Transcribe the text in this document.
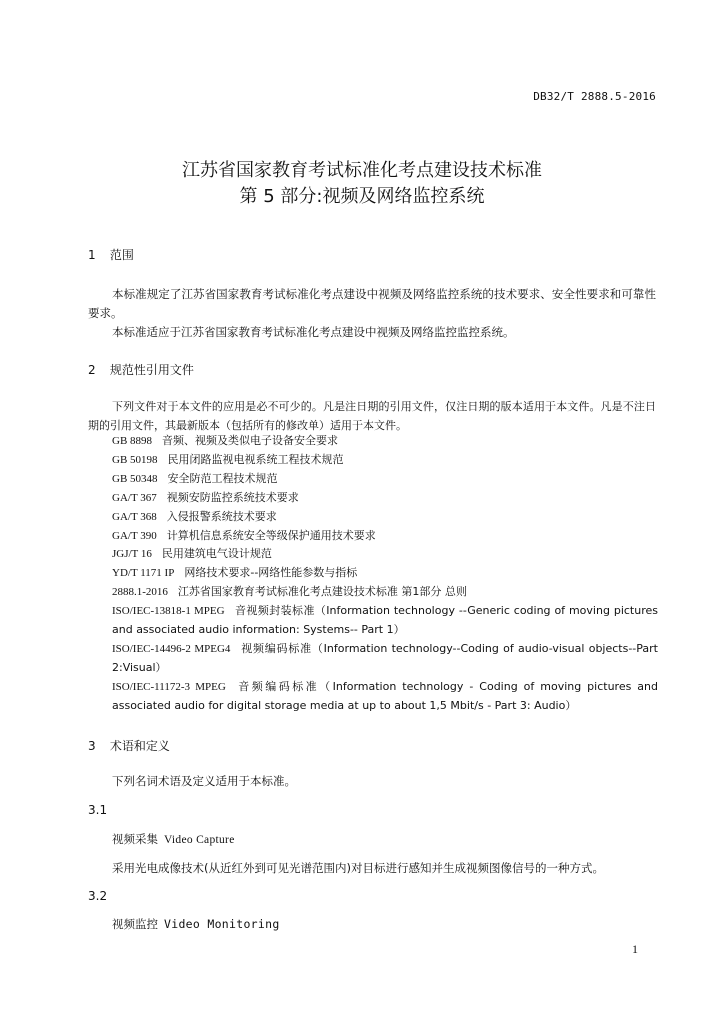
DB32/T 2888.5-2016
江苏省国家教育考试标准化考点建设技术标准
第 5 部分:视频及网络监控系统
1 范围
本标准规定了江苏省国家教育考试标准化考点建设中视频及网络监控系统的技术要求、安全性要求和可靠性要求。
本标准适应于江苏省国家教育考试标准化考点建设中视频及网络监控监控系统。
2 规范性引用文件
下列文件对于本文件的应用是必不可少的。凡是注日期的引用文件，仅注日期的版本适用于本文件。凡是不注日期的引用文件，其最新版本（包括所有的修改单）适用于本文件。
GB 8898 音频、视频及类似电子设备安全要求
GB 50198 民用闭路监视电视系统工程技术规范
GB 50348 安全防范工程技术规范
GA/T 367 视频安防监控系统技术要求
GA/T 368 入侵报警系统技术要求
GA/T 390 计算机信息系统安全等级保护通用技术要求
JGJ/T 16 民用建筑电气设计规范
YD/T 1171 IP 网络技术要求--网络性能参数与指标
2888.1-2016 江苏省国家教育考试标准化考点建设技术标准 第1部分 总则
ISO/IEC-13818-1 MPEG 音视频封装标准（Information technology --Generic coding of moving pictures and associated audio information: Systems-- Part 1）
ISO/IEC-14496-2 MPEG4 视频编码标准（Information technology--Coding of audio-visual objects--Part 2:Visual）
ISO/IEC-11172-3 MPEG 音频编码标准（Information technology - Coding of moving pictures and associated audio for digital storage media at up to about 1,5 Mbit/s - Part 3: Audio）
3 术语和定义
下列名词术语及定义适用于本标准。
3.1
视频采集 Video Capture
采用光电成像技术(从近红外到可见光谱范围内)对目标进行感知并生成视频图像信号的一种方式。
3.2
视频监控 Video Monitoring
1
